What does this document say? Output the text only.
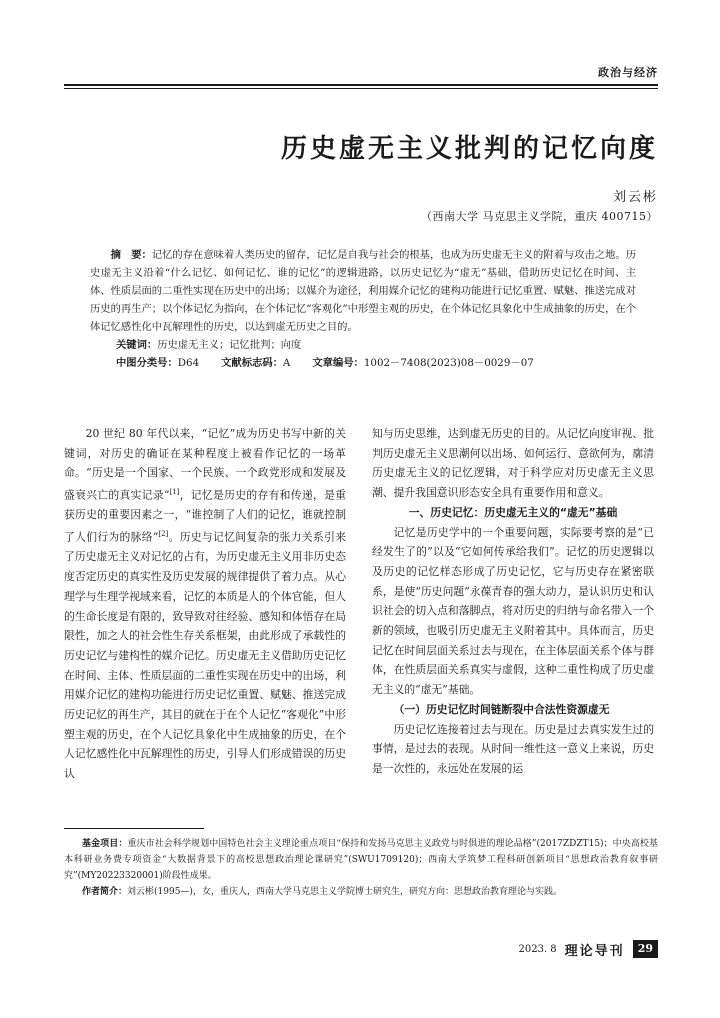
政治与经济
历史虚无主义批判的记忆向度
刘云彬
（西南大学 马克思主义学院，重庆 400715）

摘　要：记忆的存在意味着人类历史的留存，记忆是自我与社会的根基，也成为历史虚无主义的附着与攻击之地。历史虚无主义沿着“什么记忆、如何记忆、谁的记忆”的逻辑进路，以历史记忆为“虚无”基础，借助历史记忆在时间、主体、性质层面的二重性实现在历史中的出场；以媒介为途径，利用媒介记忆的建构功能进行记忆重置、赋魅、推送完成对历史的再生产；以个体记忆为指向，在个体记忆“客观化”中形塑主观的历史，在个体记忆具象化中生成抽象的历史，在个体记忆感性化中瓦解理性的历史，以达到虚无历史之目的。

关键词：历史虚无主义；记忆批判；向度

中图分类号：D64 文献标志码：A 文章编号：1002－7408(2023)08－0029－07

20 世纪 80 年代以来，“记忆”成为历史书写中新的关键词，对历史的确证在某种程度上被看作记忆的一场革命。“历史是一个国家、一个民族、一个政党形成和发展及盛衰兴亡的真实记录”[1]，记忆是历史的存有和传递，是重获历史的重要因素之一，“谁控制了人们的记忆，谁就控制了人们行为的脉络”[2]。历史与记忆间复杂的张力关系引来了历史虚无主义对记忆的占有，为历史虚无主义用非历史态度否定历史的真实性及历史发展的规律提供了着力点。从心理学与生理学视域来看，记忆的本质是人的个体官能，但人的生命长度是有限的，致导致对往经验、感知和体悟存在局限性，加之人的社会性生存关系框架，由此形成了承载性的历史记忆与建构性的媒介记忆。历史虚无主义借助历史记忆在时间、主体、性质层面的二重性实现在历史中的出场，利用媒介记忆的建构功能进行历史记忆重置、赋魅、推送完成历史记忆的再生产，其目的就在于在个人记忆“客观化”中形塑主观的历史，在个人记忆具象化中生成抽象的历史，在个人记忆感性化中瓦解理性的历史，引导人们形成错误的历史认

知与历史思维，达到虚无历史的目的。从记忆向度审视、批判历史虚无主义思潮何以出场、如何运行、意欲何为，廓清历史虚无主义的记忆逻辑，对于科学应对历史虚无主义思潮、提升我国意识形态安全具有重要作用和意义。

一、历史记忆：历史虚无主义的“虚无”基础

记忆是历史学中的一个重要问题，实际要考察的是“已经发生了的”以及“它如何传承给我们”。记忆的历史逻辑以及历史的记忆样态形成了历史记忆，它与历史存在紧密联系，是使“历史问题”永葆青春的强大动力，是认识历史和认识社会的切入点和落脚点，将对历史的归纳与命名带入一个新的领域，也吸引历史虚无主义附着其中。具体而言，历史记忆在时间层面关系过去与现在，在主体层面关系个体与群体，在性质层面关系真实与虚假，这种二重性构成了历史虚无主义的“虚无”基础。

（一）历史记忆时间链断裂中合法性资源虚无

历史记忆连接着过去与现在。历史是过去真实发生过的事情，是过去的表现。从时间一维性这一意义上来说，历史是一次性的，永远处在发展的运

基金项目：重庆市社会科学规划中国特色社会主义理论重点项目“保持和发扬马克思主义政党与时俱进的理论品格”(2017ZDZT15)；中央高校基本科研业务费专项资金“大数据背景下的高校思想政治理论课研究”(SWU1709120)；西南大学筑梦工程科研创新项目“思想政治教育叙事研究”(MY20223320001)阶段性成果。

作者简介：刘云彬(1995—)，女，重庆人，西南大学马克思主义学院博士研究生，研究方向：思想政治教育理论与实践。

2023. 8 理论导刊	29
